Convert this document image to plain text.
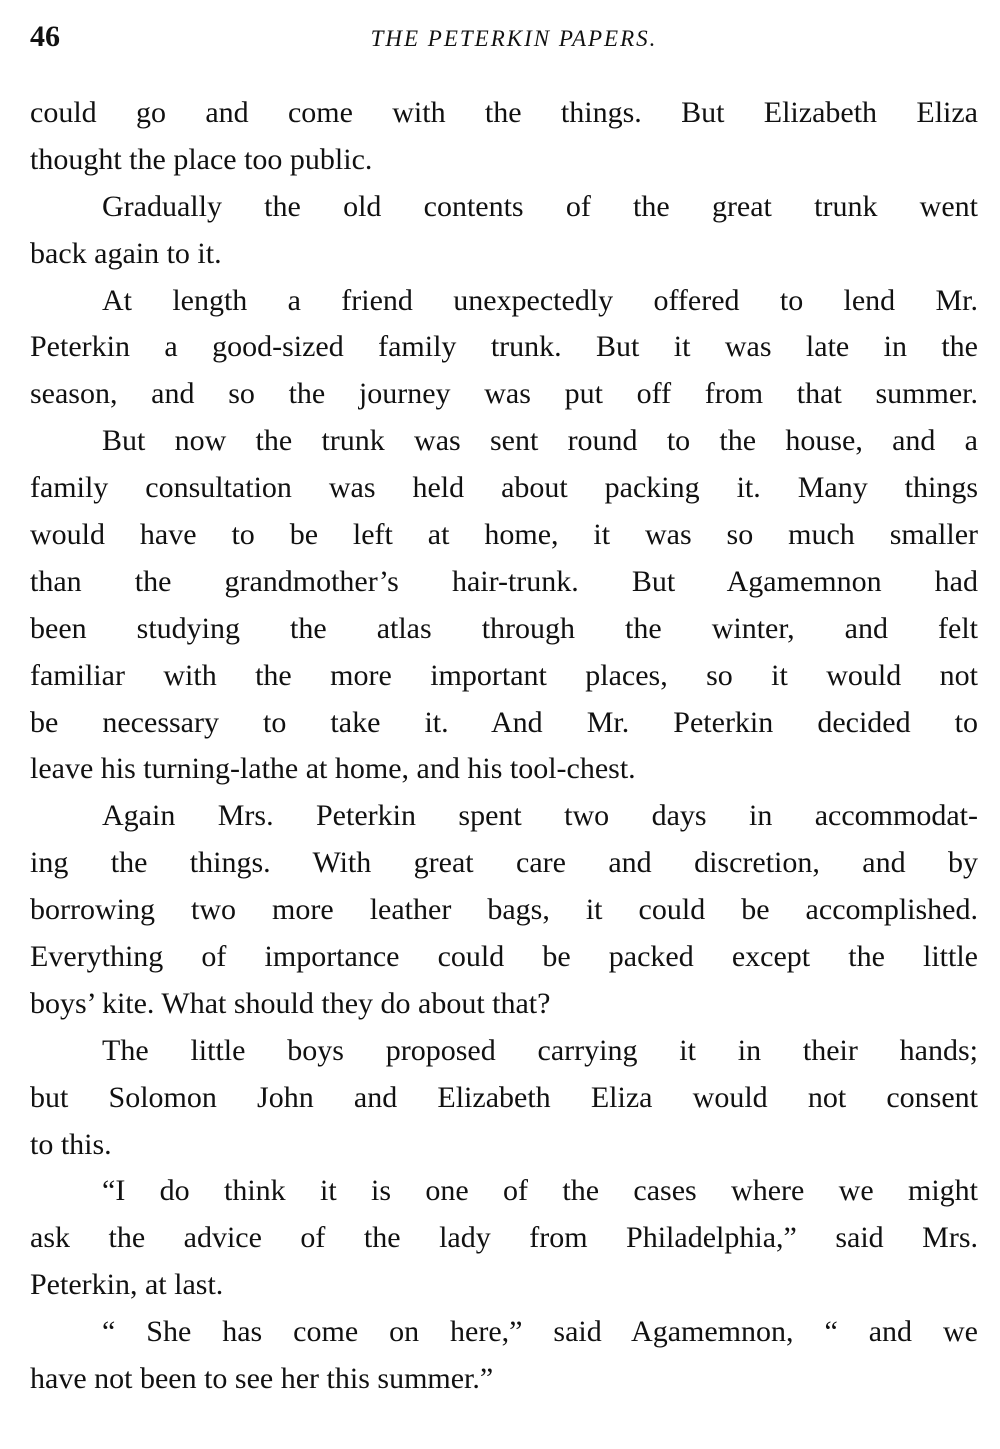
46	THE PETERKIN PAPERS.
could go and come with the things. But Elizabeth Eliza
thought the place too public.
Gradually the old contents of the great trunk went
back again to it.
At length a friend unexpectedly offered to lend Mr.
Peterkin a good-sized family trunk. But it was late in the
season, and so the journey was put off from that summer.
But now the trunk was sent round to the house, and a
family consultation was held about packing it. Many things
would have to be left at home, it was so much smaller
than the grandmother’s hair-trunk. But Agamemnon had
been studying the atlas through the winter, and felt
familiar with the more important places, so it would not
be necessary to take it. And Mr. Peterkin decided to
leave his turning-lathe at home, and his tool-chest.
Again Mrs. Peterkin spent two days in accommodat-
ing the things. With great care and discretion, and by
borrowing two more leather bags, it could be accomplished.
Everything of importance could be packed except the little
boys’ kite. What should they do about that?
The little boys proposed carrying it in their hands;
but Solomon John and Elizabeth Eliza would not consent
to this.
“I do think it is one of the cases where we might
ask the advice of the lady from Philadelphia,” said Mrs.
Peterkin, at last.
“ She has come on here,” said Agamemnon, “ and we
have not been to see her this summer.”
